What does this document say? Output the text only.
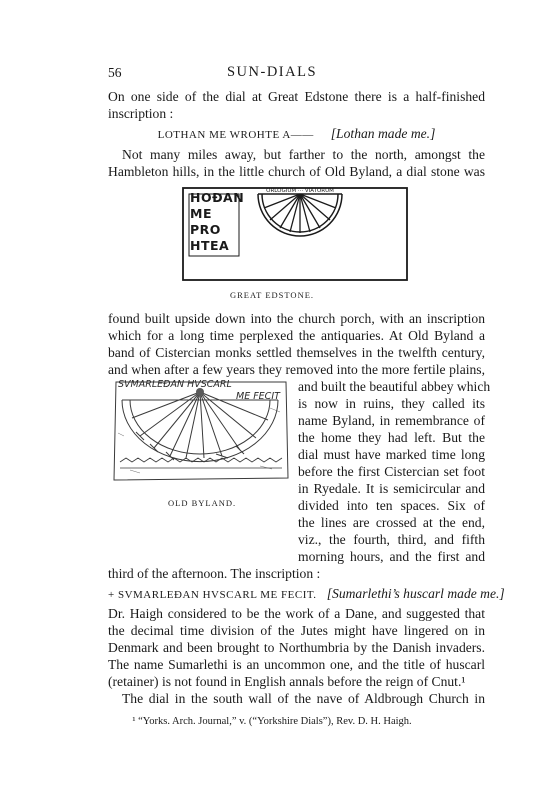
56	SUN-DIALS
On one side of the dial at Great Edstone there is a half-finished
inscription :
LOTHAN ME WROHTE A—— [Lothan made me.]
Not many miles away, but farther to the north, amongst the
Hambleton hills, in the little church of Old Byland, a dial stone was
HOÐAN
ME PRO
HTEA
ORLOGIUM ··· VIATORUM
GREAT EDSTONE.
found built upside down into the church porch, with an inscription
which for a long time perplexed the antiquaries. At Old Byland a
band of Cistercian monks settled themselves in the twelfth century,
and when after a few years they removed into the more fertile plains,
SVMARLEÐAN HVSCARL
ME FECIT
OLD BYLAND.
and built the beautiful abbey which
is now in ruins, they called its
name Byland, in remembrance of
the home they had left. But the
dial must have marked time long
before the first Cistercian set foot
in Ryedale. It is semicircular and
divided into ten spaces. Six of
the lines are crossed at the end,
viz., the fourth, third, and fifth
morning hours, and the first and
third of the afternoon. The inscription :
+ SVMARLEÐAN HVSCARL ME FECIT. [Sumarlethi’s huscarl made me.]
Dr. Haigh considered to be the work of a Dane, and suggested that
the decimal time division of the Jutes might have lingered on in
Denmark and been brought to Northumbria by the Danish invaders.
The name Sumarlethi is an uncommon one, and the title of huscarl
(retainer) is not found in English annals before the reign of Cnut.¹
The dial in the south wall of the nave of Aldbrough Church in
¹ “Yorks. Arch. Journal,” v. (“Yorkshire Dials”), Rev. D. H. Haigh.
